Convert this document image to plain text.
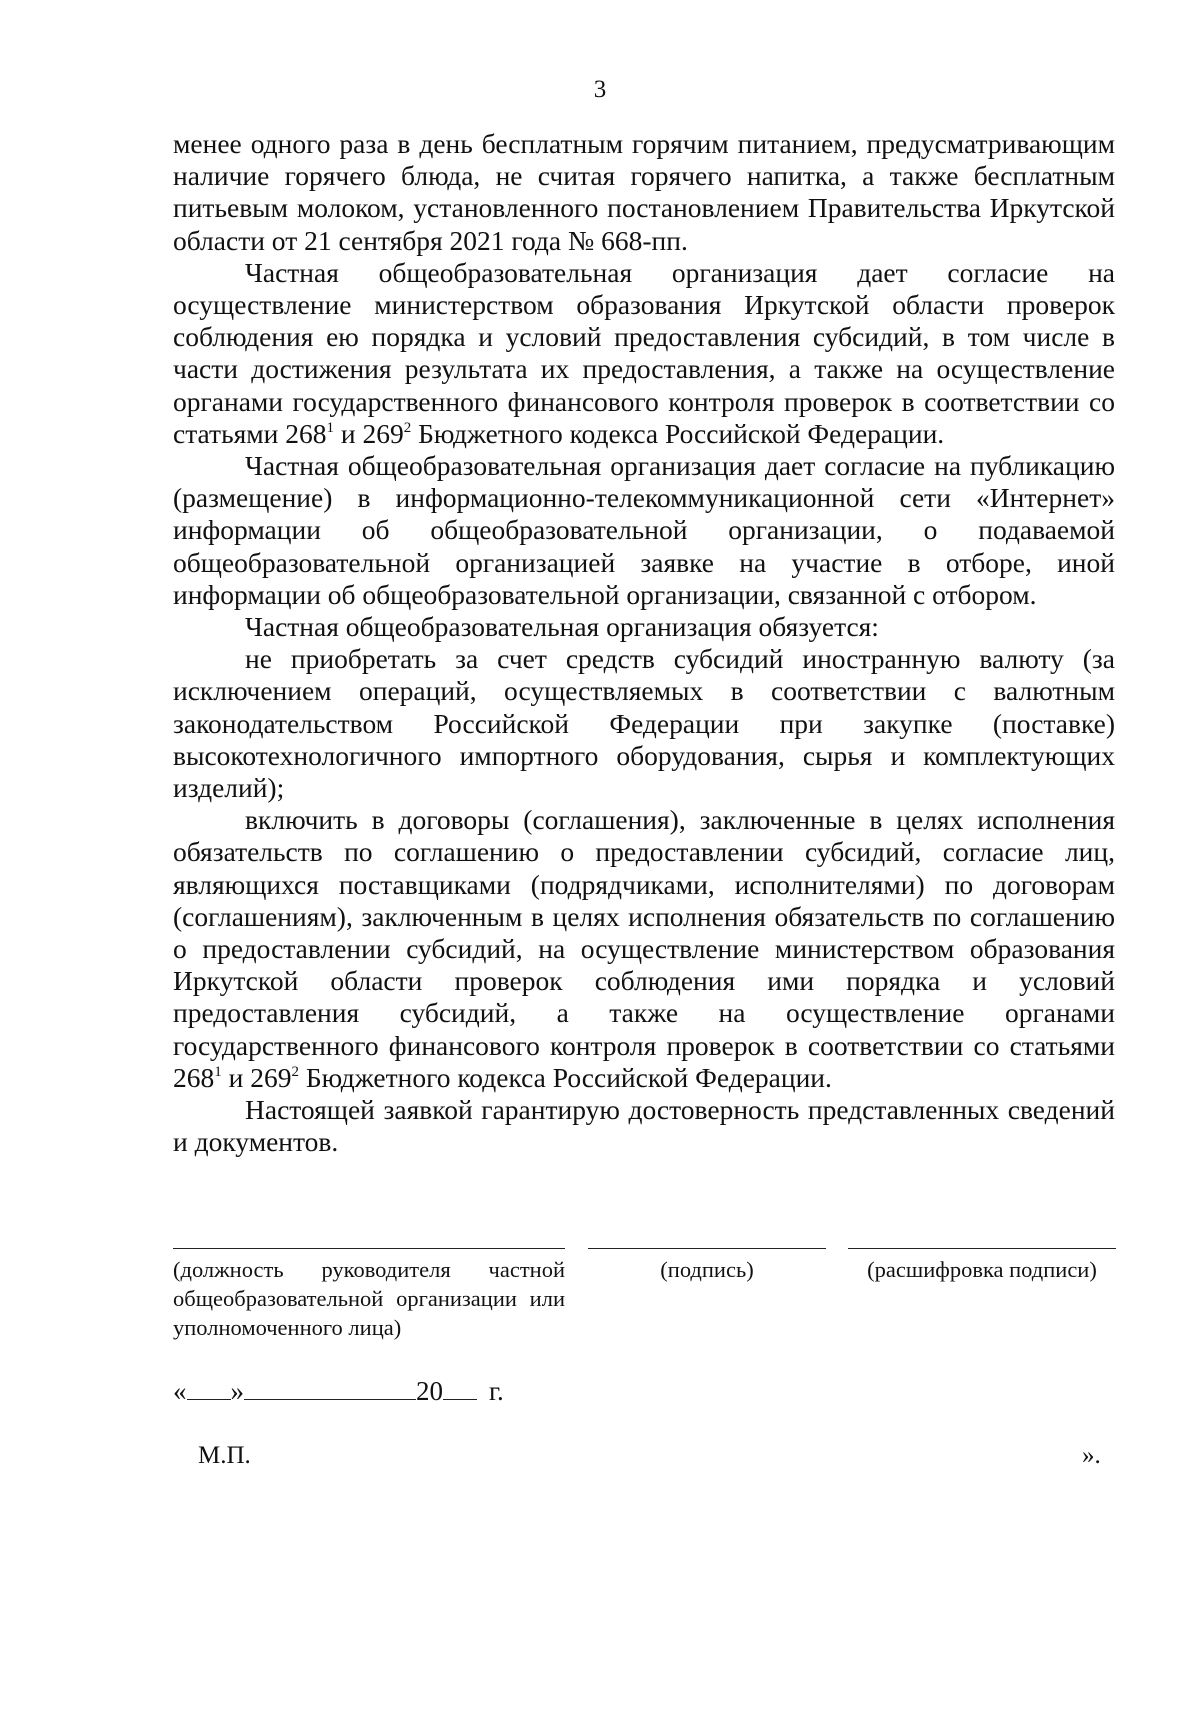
3

менее одного раза в день бесплатным горячим питанием, предусматривающим наличие горячего блюда, не считая горячего напитка, а также бесплатным питьевым молоком, установленного постановлением Правительства Иркутской области от 21 сентября 2021 года № 668-пп.

Частная общеобразовательная организация дает согласие на осуществление министерством образования Иркутской области проверок соблюдения ею порядка и условий предоставления субсидий, в том числе в части достижения результата их предоставления, а также на осуществление органами государственного финансового контроля проверок в соответствии со статьями $268^1$ и $269^2$ Бюджетного кодекса Российской Федерации.

Частная общеобразовательная организация дает согласие на публикацию (размещение) в информационно-телекоммуникационной сети «Интернет» информации об общеобразовательной организации, о подаваемой общеобразовательной организацией заявке на участие в отборе, иной информации об общеобразовательной организации, связанной с отбором.

Частная общеобразовательная организация обязуется:

не приобретать за счет средств субсидий иностранную валюту (за исключением операций, осуществляемых в соответствии с валютным законодательством Российской Федерации при закупке (поставке) высокотехнологичного импортного оборудования, сырья и комплектующих изделий);

включить в договоры (соглашения), заключенные в целях исполнения обязательств по соглашению о предоставлении субсидий, согласие лиц, являющихся поставщиками (подрядчиками, исполнителями) по договорам (соглашениям), заключенным в целях исполнения обязательств по соглашению о предоставлении субсидий, на осуществление министерством образования Иркутской области проверок соблюдения ими порядка и условий предоставления субсидий, а также на осуществление органами государственного финансового контроля проверок в соответствии со статьями $268^1$ и $269^2$ Бюджетного кодекса Российской Федерации.

Настоящей заявкой гарантирую достоверность представленных сведений и документов.

(должность руководителя частной общеобразовательной организации или уполномоченного лица)
(подпись)	(расшифровка подписи)
« »	20 г.
М.П.	».
